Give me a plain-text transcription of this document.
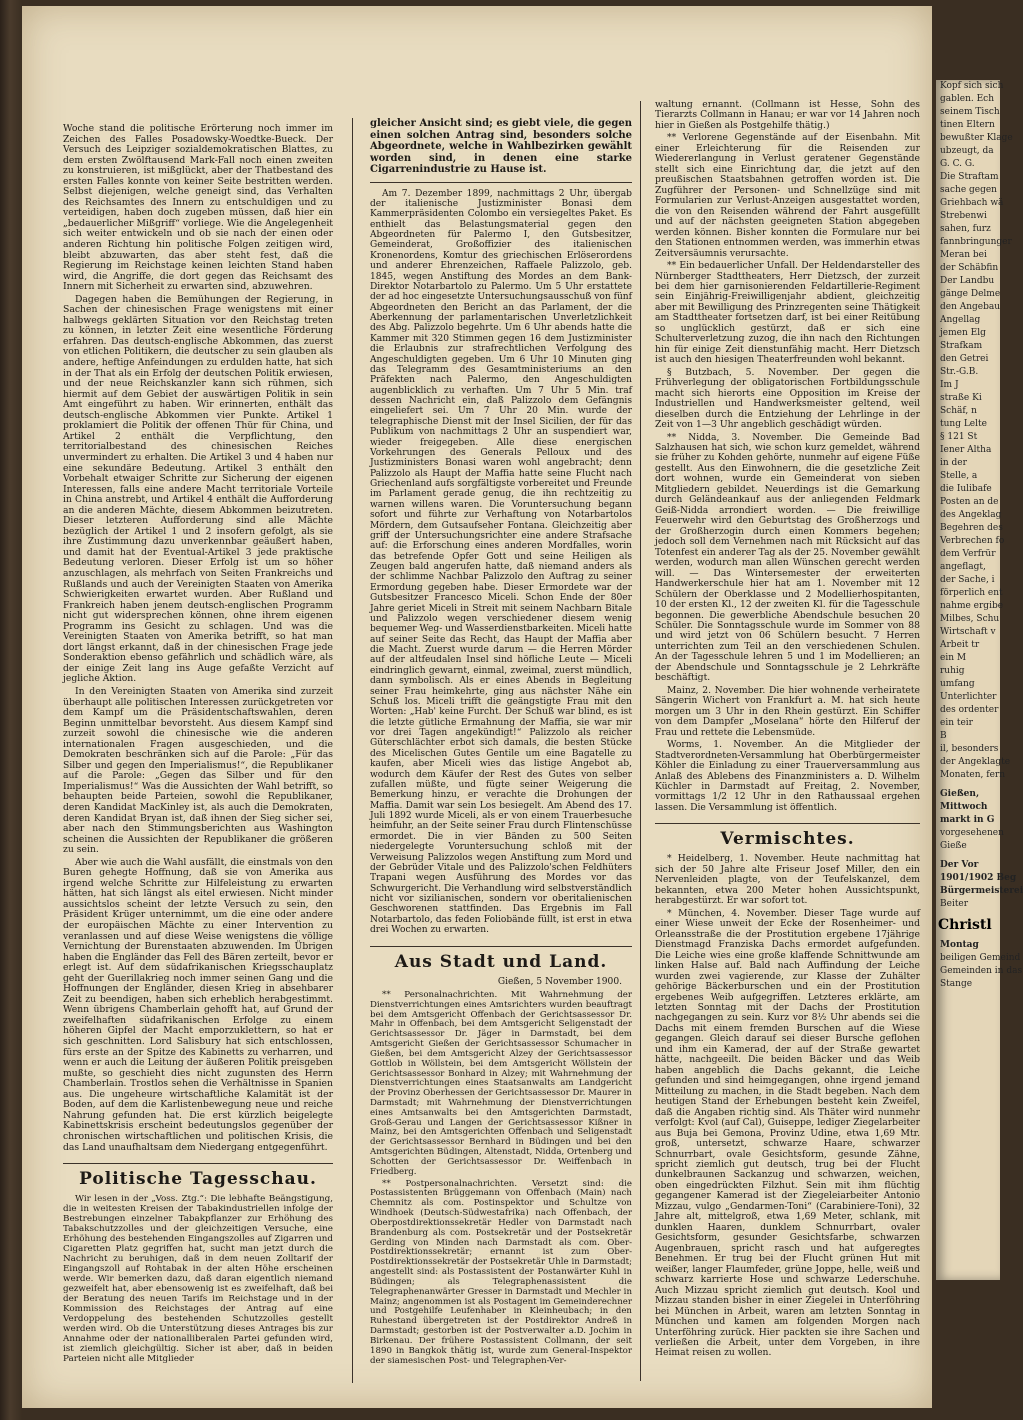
Woche stand die politische Erörterung noch immer im Zeichen des Falles Posadowsky-Woedtke-Bueck. Der Versuch des Leipziger sozialdemokratischen Blattes, zu dem ersten Zwölftausend Mark-Fall noch einen zweiten zu konstruieren, ist mißglückt, aber der Thatbestand des ersten Falles konnte von keiner Seite bestritten werden. Selbst diejenigen, welche geneigt sind, das Verhalten des Reichsamtes des Innern zu entschuldigen und zu verteidigen, haben doch zugeben müssen, daß hier ein „bedauerlicher Mißgriff“ vorliege. Wie die Angelegenheit sich weiter entwickeln und ob sie nach der einen oder anderen Richtung hin politische Folgen zeitigen wird, bleibt abzuwarten, das aber steht fest, daß die Regierung im Reichstage keinen leichten Stand haben wird, die Angriffe, die dort gegen das Reichsamt des Innern mit Sicherheit zu erwarten sind, abzuwehren.

Dagegen haben die Bemühungen der Regierung, in Sachen der chinesischen Frage wenigstens mit einer halbwegs geklärten Situation vor den Reichstag treten zu können, in letzter Zeit eine wesentliche Förderung erfahren. Das deutsch-englische Abkommen, das zuerst von etlichen Politikern, die deutscher zu sein glauben als andere, heftige Anfeindungen zu erdulden hatte, hat sich in der That als ein Erfolg der deutschen Politik erwiesen, und der neue Reichskanzler kann sich rühmen, sich hiermit auf dem Gebiet der auswärtigen Politik in sein Amt eingeführt zu haben. Wir erinnerten, enthält das deutsch-englische Abkommen vier Punkte. Artikel 1 proklamiert die Politik der offenen Thür für China, und Artikel 2 enthält die Verpflichtung, den territorialbestand des chinesischen Reiches unvermindert zu erhalten. Die Artikel 3 und 4 haben nur eine sekundäre Bedeutung. Artikel 3 enthält den Vorbehalt etwaiger Schritte zur Sicherung der eigenen Interessen, falls eine andere Macht territoriale Vorteile in China anstrebt, und Artikel 4 enthält die Aufforderung an die anderen Mächte, diesem Abkommen beizutreten. Dieser letzteren Aufforderung sind alle Mächte bezüglich der Artikel 1 und 2 insofern gefolgt, als sie ihre Zustimmung dazu unverkennbar geäußert haben, und damit hat der Eventual-Artikel 3 jede praktische Bedeutung verloren. Dieser Erfolg ist um so höher anzuschlagen, als mehrfach von Seiten Frankreichs und Rußlands und auch der Vereinigten Staaten von Amerika Schwierigkeiten erwartet wurden. Aber Rußland und Frankreich haben jenem deutsch-englischen Programm nicht gut widersprechen können, ohne ihrem eigenen Programm ins Gesicht zu schlagen. Und was die Vereinigten Staaten von Amerika betrifft, so hat man dort längst erkannt, daß in der chinesischen Frage jede Sonderaktion ebenso gefährlich und schädlich wäre, als der einige Zeit lang ins Auge gefaßte Verzicht auf jegliche Aktion.

In den Vereinigten Staaten von Amerika sind zurzeit überhaupt alle politischen Interessen zurückgetreten vor dem Kampf um die Präsidentschaftswahlen, deren Beginn unmittelbar bevorsteht. Aus diesem Kampf sind zurzeit sowohl die chinesische wie die anderen internationalen Fragen ausgeschieden, und die Demokraten beschränken sich auf die Parole: „Für das Silber und gegen den Imperialismus!“, die Republikaner auf die Parole: „Gegen das Silber und für den Imperialismus!“ Was die Aussichten der Wahl betrifft, so behaupten beide Parteien, sowohl die Republikaner, deren Kandidat MacKinley ist, als auch die Demokraten, deren Kandidat Bryan ist, daß ihnen der Sieg sicher sei, aber nach den Stimmungsberichten aus Washington scheinen die Aussichten der Republikaner die größeren zu sein.

Aber wie auch die Wahl ausfällt, die einstmals von den Buren gehegte Hoffnung, daß sie von Amerika aus irgend welche Schritte zur Hilfeleistung zu erwarten hätten, hat sich längst als eitel erwiesen. Nicht minder aussichtslos scheint der letzte Versuch zu sein, den Präsident Krüger unternimmt, um die eine oder andere der europäischen Mächte zu einer Intervention zu veranlassen und auf diese Weise wenigstens die völlige Vernichtung der Burenstaaten abzuwenden. Im Übrigen haben die Engländer das Fell des Bären zerteilt, bevor er erlegt ist. Auf dem südafrikanischen Kriegsschauplatz geht der Guerillakrieg noch immer seinen Gang und die Hoffnungen der Engländer, diesen Krieg in absehbarer Zeit zu beendigen, haben sich erheblich herabgestimmt. Wenn übrigens Chamberlain gehofft hat, auf Grund der zweifelhaften südafrikanischen Erfolge zu einem höheren Gipfel der Macht emporzuklettern, so hat er sich geschnitten. Lord Salisbury hat sich entschlossen, fürs erste an der Spitze des Kabinetts zu verharren, und wenn er auch die Leitung der äußeren Politik preisgeben mußte, so geschieht dies nicht zugunsten des Herrn Chamberlain. Trostlos sehen die Verhältnisse in Spanien aus. Die ungeheure wirtschaftliche Kalamität ist der Boden, auf dem die Karlistenbewegung neue und reiche Nahrung gefunden hat. Die erst kürzlich beigelegte Kabinettskrisis erscheint bedeutungslos gegenüber der chronischen wirtschaftlichen und politischen Krisis, die das Land unaufhaltsam dem Niedergang entgegenführt.

Politische Tagesschau.

Wir lesen in der „Voss. Ztg.“: Die lebhafte Beängstigung, die in weitesten Kreisen der Tabakindustriellen infolge der Bestrebungen einzelner Tabakpflanzer zur Erhöhung des Tabakschutzzolles und der gleichzeitigen Versuche, eine Erhöhung des bestehenden Eingangszolles auf Zigarren und Cigaretten Platz gegriffen hat, sucht man jetzt durch die Nachricht zu beruhigen, daß in dem neuen Zolltarif der Eingangszoll auf Rohtabak in der alten Höhe erscheinen werde. Wir bemerken dazu, daß daran eigentlich niemand gezweifelt hat, aber ebensowenig ist es zweifelhaft, daß bei der Beratung des neuen Tarifs im Reichstage und in der Kommission des Reichstages der Antrag auf eine Verdoppelung des bestehenden Schutzzolles gestellt werden wird. Ob die Unterstützung dieses Antrages bis zur Annahme oder der nationalliberalen Partei gefunden wird, ist ziemlich gleichgültig. Sicher ist aber, daß in beiden Parteien nicht alle Mitglieder

gleicher Ansicht sind; es giebt viele, die gegen einen solchen Antrag sind, besonders solche Abgeordnete, welche in Wahlbezirken gewählt worden sind, in denen eine starke Cigarrenindustrie zu Hause ist.

Am 7. Dezember 1899, nachmittags 2 Uhr, übergab der italienische Justizminister Bonasi dem Kammerpräsidenten Colombo ein versiegeltes Paket. Es enthielt das Belastungsmaterial gegen den Abgeordneten für Palermo I, den Gutsbesitzer, Gemeinderat, Großoffizier des italienischen Kronenordens, Komtur des griechischen Erlöserordens und anderer Ehrenzeichen, Raffaele Palizzolo, geb. 1845, wegen Anstiftung des Mordes an dem Bank-Direktor Notarbartolo zu Palermo. Um 5 Uhr erstattete der ad hoc eingesetzte Untersuchungsausschuß von fünf Abgeordneten den Bericht an das Parlament, der die Aberkennung der parlamentarischen Unverletzlichkeit des Abg. Palizzolo begehrte. Um 6 Uhr abends hatte die Kammer mit 320 Stimmen gegen 16 dem Justizminister die Erlaubnis zur strafrechtlichen Verfolgung des Angeschuldigten gegeben. Um 6 Uhr 10 Minuten ging das Telegramm des Gesamtministeriums an den Präfekten nach Palermo, den Angeschuldigten augenblicklich zu verhaften. Um 7 Uhr 5 Min. traf dessen Nachricht ein, daß Palizzolo dem Gefängnis eingeliefert sei. Um 7 Uhr 20 Min. wurde der telegraphische Dienst mit der Insel Sicilien, der für das Publikum von nachmittags 2 Uhr an suspendiert war, wieder freigegeben. Alle diese energischen Vorkehrungen des Generals Pelloux und des Justizministers Bonasi waren wohl angebracht; denn Palizzolo als Haupt der Maffia hatte seine Flucht nach Griechenland aufs sorgfältigste vorbereitet und Freunde im Parlament gerade genug, die ihn rechtzeitig zu warnen willens waren. Die Voruntersuchung begann sofort und führte zur Verhaftung von Notarbartolos Mördern, dem Gutsaufseher Fontana. Gleichzeitig aber griff der Untersuchungsrichter eine andere Strafsache auf: die Erforschung eines anderen Mordfalles, worin das betrefende Opfer Gott und seine Heiligen als Zeugen bald angerufen hatte, daß niemand anders als der schlimme Nachbar Palizzolo den Auftrag zu seiner Ermordung gegeben habe. Dieser Ermordete war der Gutsbesitzer Francesco Miceli. Schon Ende der 80er Jahre geriet Miceli in Streit mit seinem Nachbarn Bitale und Palizzolo wegen verschiedener diesem wenig bequemer Weg- und Wasserdienstbarkeiten. Miceli hatte auf seiner Seite das Recht, das Haupt der Maffia aber die Macht. Zuerst wurde darum — die Herren Mörder auf der altfeudalen Insel sind höfliche Leute — Miceli eindringlich gewarnt, einmal, zweimal, zuerst mündlich, dann symbolisch. Als er eines Abends in Begleitung seiner Frau heimkehrte, ging aus nächster Nähe ein Schuß los. Miceli trifft die geängstigte Frau mit den Worten: „Hab' keine Furcht. Der Schuß war blind, es ist die letzte gütliche Ermahnung der Maffia, sie war mir vor drei Tagen angekündigt!“ Palizzolo als reicher Güterschlächter erbot sich damals, die besten Stücke des Micelischen Gutes Gentile um eine Bagatelle zu kaufen, aber Miceli wies das listige Angebot ab, wodurch dem Käufer der Rest des Gutes von selber zufallen müßte, und fügte seiner Weigerung die Bemerkung hinzu, er verachte die Drohungen der Maffia. Damit war sein Los besiegelt. Am Abend des 17. Juli 1892 wurde Miceli, als er von einem Trauerbesuche heimfuhr, an der Seite seiner Frau durch Flintenschüsse ermordet. Die in vier Bänden zu 500 Seiten niedergelegte Voruntersuchung schloß mit der Verweisung Palizzolos wegen Anstiftung zum Mord und der Gebrüder Vitale und des Palizzolo'schen Feldhüters Trapani wegen Ausführung des Mordes vor das Schwurgericht. Die Verhandlung wird selbstverständlich nicht vor sizilianischen, sondern vor oberitalienischen Geschworenen stattfinden. Das Ergebnis im Fall Notarbartolo, das feden Foliobände füllt, ist erst in etwa drei Wochen zu erwarten.

Aus Stadt und Land.
Gießen, 5 November 1900.

** Personalnachrichten. Mit Wahrnehmung der Dienstverrichtungen eines Amtsrichters wurden beauftragt bei dem Amtsgericht Offenbach der Gerichtsassessor Dr. Mahr in Offenbach, bei dem Amtsgericht Seligenstadt der Gerichtsassessor Dr. Jäger in Darmstadt, bei dem Amtsgericht Gießen der Gerichtsassessor Schumacher in Gießen, bei dem Amtsgericht Alzey der Gerichtsassessor Gottlob in Wöllstein, bei dem Amtsgericht Wöllstein der Gerichtsassessor Bonhard in Alzey; mit Wahrnehmung der Dienstverrichtungen eines Staatsanwalts am Landgericht der Provinz Oberhessen der Gerichtsassessor Dr. Maurer in Darmstadt; mit Wahrnehmung der Dienstverrichtungen eines Amtsanwalts bei den Amtsgerichten Darmstadt, Groß-Gerau und Langen der Gerichtsassessor Kißner in Mainz, bei den Amtsgerichten Offenbach und Seligenstadt der Gerichtsassessor Bernhard in Büdingen und bei den Amtsgerichten Büdingen, Altenstadt, Nidda, Ortenberg und Schotten der Gerichtsassessor Dr. Weiffenbach in Friedberg.

** Postpersonalnachrichten. Versetzt sind: die Postassistenten Brüggemann von Offenbach (Main) nach Chemnitz als com. Postinspektor und Schultze von Windhoek (Deutsch-Südwestafrika) nach Offenbach, der Oberpostdirektionssekretär Hedler von Darmstadt nach Brandenburg als com. Postsekretär und der Postsekretär Gerding von Minden nach Darmstadt als com. Ober-Postdirektionssekretär; ernannt ist zum Ober-Postdirektionssekretär der Postsekretär Uhle in Darmstadt; angestellt sind: als Postassistent der Postanwärter Kuhl in Büdingen; als Telegraphenassistent die Telegraphenanwärter Gresser in Darmstadt und Mechler in Mainz; angenommen ist als Postagent im Gemeinderechner und Postgehilfe Leufenhaber in Kleinheubach; in den Ruhestand übergetreten ist der Postdirektor Andreß in Darmstadt; gestorben ist der Postverwalter a.D. Jochim in Birkenau. Der frühere Postassistent Collmann, der seit 1890 in Bangkok thätig ist, wurde zum General-Inspektor der siamesischen Post- und Telegraphen-Ver-

waltung ernannt. (Collmann ist Hesse, Sohn des Tierarzts Collmann in Hanau; er war vor 14 Jahren noch hier in Gießen als Postgehilfe thätig.)

** Verlorene Gegenstände auf der Eisenbahn. Mit einer Erleichterung für die Reisenden zur Wiedererlangung in Verlust geratener Gegenstände stellt sich eine Einrichtung dar, die jetzt auf den preußischen Staatsbahnen getroffen worden ist. Die Zugführer der Personen- und Schnellzüge sind mit Formularien zur Verlust-Anzeigen ausgestattet worden, die von den Reisenden während der Fahrt ausgefüllt und auf der nächsten geeigneten Station abgegeben werden können. Bisher konnten die Formulare nur bei den Stationen entnommen werden, was immerhin etwas Zeitversäumnis verursachte.

** Ein bedauerlicher Unfall. Der Heldendarsteller des Nürnberger Stadttheaters, Herr Dietzsch, der zurzeit bei dem hier garnisonierenden Feldartillerie-Regiment sein Einjährig-Freiwilligenjahr abdient, gleichzeitig aber mit Bewilligung des Prinzregenten seine Thätigkeit am Stadttheater fortsetzen darf, ist bei einer Reitübung so unglücklich gestürzt, daß er sich eine Schulterverletzung zuzog, die ihn nach den Richtungen hin für einige Zeit dienstunfähig macht. Herr Dietzsch ist auch den hiesigen Theaterfreunden wohl bekannt.

§ Butzbach, 5. November. Der gegen die Frühverlegung der obligatorischen Fortbildungsschule macht sich hierorts eine Opposition im Kreise der Industriellen und Handwerksmeister geltend, weil dieselben durch die Entziehung der Lehrlinge in der Zeit von 1—3 Uhr angeblich geschädigt würden.

** Nidda, 3. November. Die Gemeinde Bad Salzhausen hat sich, wie schon kurz gemeldet, während sie früher zu Kohden gehörte, nunmehr auf eigene Füße gestellt. Aus den Einwohnern, die die gesetzliche Zeit dort wohnen, wurde ein Gemeinderat von sieben Mitgliedern gebildet. Neuerdings ist die Gemarkung durch Geländeankauf aus der anliegenden Feldmark Geiß-Nidda arrondiert worden. — Die freiwillige Feuerwehr wird den Geburtstag des Großherzogs und der Großherzogin durch einen Kommers begehen; jedoch soll dem Vernehmen nach mit Rücksicht auf das Totenfest ein anderer Tag als der 25. November gewählt werden, wodurch man allen Wünschen gerecht werden will. — Das Wintersemester der erweiterten Handwerkerschule hier hat am 1. November mit 12 Schülern der Oberklasse und 2 Modellierhospitanten, 10 der ersten Kl., 12 der zweiten Kl. für die Tagesschule begonnen. Die gewerbliche Abendschule besuchen 20 Schüler. Die Sonntagsschule wurde im Sommer von 88 und wird jetzt von 06 Schülern besucht. 7 Herren unterrichten zum Teil an den verschiedenen Schulen. An der Tagesschule lehren 5 und 1 im Modellieren; an der Abendschule und Sonntagsschule je 2 Lehrkräfte beschäftigt.

Mainz, 2. November. Die hier wohnende verheiratete Sängerin Wichert von Frankfurt a. M. hat sich heute morgen um 3 Uhr in den Rhein gestürzt. Ein Schiffer von dem Dampfer „Moselana“ hörte den Hilferuf der Frau und rettete die Lebensmüde.

Worms, 1. November. An die Mitglieder der Stadtverordneten-Versammlung hat Oberbürgermeister Köhler die Einladung zu einer Trauerversammlung aus Anlaß des Ablebens des Finanzministers a. D. Wilhelm Küchler in Darmstadt auf Freitag, 2. November, vormittags 1/2 12 Uhr in den Rathaussaal ergehen lassen. Die Versammlung ist öffentlich.

Vermischtes.

* Heidelberg, 1. November. Heute nachmittag hat sich der 50 Jahre alte Friseur Josef Miller, den ein Nervenleiden plagte, von der Teufelskanzel, dem bekannten, etwa 200 Meter hohen Aussichtspunkt, herabgestürzt. Er war sofort tot.

* München, 4. November. Dieser Tage wurde auf einer Wiese unweit der Ecke der Rosenheimer- und Orleansstraße die der Prostitution ergebene 17jährige Dienstmagd Franziska Dachs ermordet aufgefunden. Die Leiche wies eine große klaffende Schnittwunde am linken Halse auf. Bald nach Auffindung der Leiche wurden zwei vagierende, zur Klasse der Zuhälter gehörige Bäckerburschen und ein der Prostitution ergebenes Weib aufgegriffen. Letzteres erklärte, am letzten Sonntag mit der Dachs der Prostitution nachgegangen zu sein. Kurz vor 8½ Uhr abends sei die Dachs mit einem fremden Burschen auf die Wiese gegangen. Gleich darauf sei dieser Bursche geflohen und ihm ein Kamerad, der auf der Straße gewartet hätte, nachgeeilt. Die beiden Bäcker und das Weib haben angeblich die Dachs gekannt, die Leiche gefunden und sind heimgegangen, ohne irgend jemand Mitteilung zu machen, in die Stadt begeben. Nach dem heutigen Stand der Erhebungen besteht kein Zweifel, daß die Angaben richtig sind. Als Thäter wird nunmehr verfolgt: Kvol (auf Cal), Guiseppe, lediger Ziegelarbeiter aus Buja bei Gemona, Provinz Udine, etwa 1,69 Mtr. groß, untersetzt, schwarze Haare, schwarzer Schnurrbart, ovale Gesichtsform, gesunde Zähne, spricht ziemlich gut deutsch, trug bei der Flucht dunkelbraunen Sackanzug und schwarzen, weichen, oben eingedrückten Filzhut. Sein mit ihm flüchtig gegangener Kamerad ist der Ziegeleiarbeiter Antonio Mizzau, vulgo „Gendarmen-Toni“ (Carabiniere-Toni), 32 Jahre alt, mittelgroß, etwa 1,69 Meter, schlank, mit dunklen Haaren, dunklem Schnurrbart, ovaler Gesichtsform, gesunder Gesichtsfarbe, schwarzen Augenbrauen, spricht rasch und hat aufgeregtes Benehmen. Er trug bei der Flucht grünen Hut mit weißer, langer Flaumfeder, grüne Joppe, helle, weiß und schwarz karrierte Hose und schwarze Lederschuhe. Auch Mizzau spricht ziemlich gut deutsch. Kool und Mizzau standen bisher in einer Ziegelei in Unterföhring bei München in Arbeit, waren am letzten Sonntag in München und kamen am folgenden Morgen nach Unterföhring zurück. Hier packten sie ihre Sachen und verließen die Arbeit, unter dem Vorgeben, in ihre Heimat reisen zu wollen.

Kopf sich sich
gablen. Ech
seinem Tisch
tinen Eltern
bewußter Klage
ubzeugt, da
G. C. G.
Die Straftam
sache gegen
Griehbach wä
Strebenwi
sahen, furz
fannbringunger
Meran bei
der Schäbfin
Der Landbu
gänge Delme
den Angebau
Angellag
jemen Elg
Strafkam
den Getrei
Str.-G.B.
Im J
straße Ki
Schäf, n
tung Lelte
§ 121 St
Iener Altha
in der
Stelle, a
die Iulibafe
Posten an de
des Angeklag
Begehren des
Verbrechen fo
dem Verfrür
angeflagt,
der Sache, i
förperlich ent
nahme ergibe
Milbes, Schu
Wirtschaft v
Arbeit tr
ein M
ruhig
umfang
Unterlichter
des ordenter
ein teir
B
il, besonders
der Angeklagte
Monaten, fern
Gießen,
Mittwoch
markt in G
vorgesehenen
Gieße
Der Vor
1901/1902 Beg
Bürgermeisterei
Beiter
Christl
Montag
beiligen Gemeind
Gemeinden in das
Stange
